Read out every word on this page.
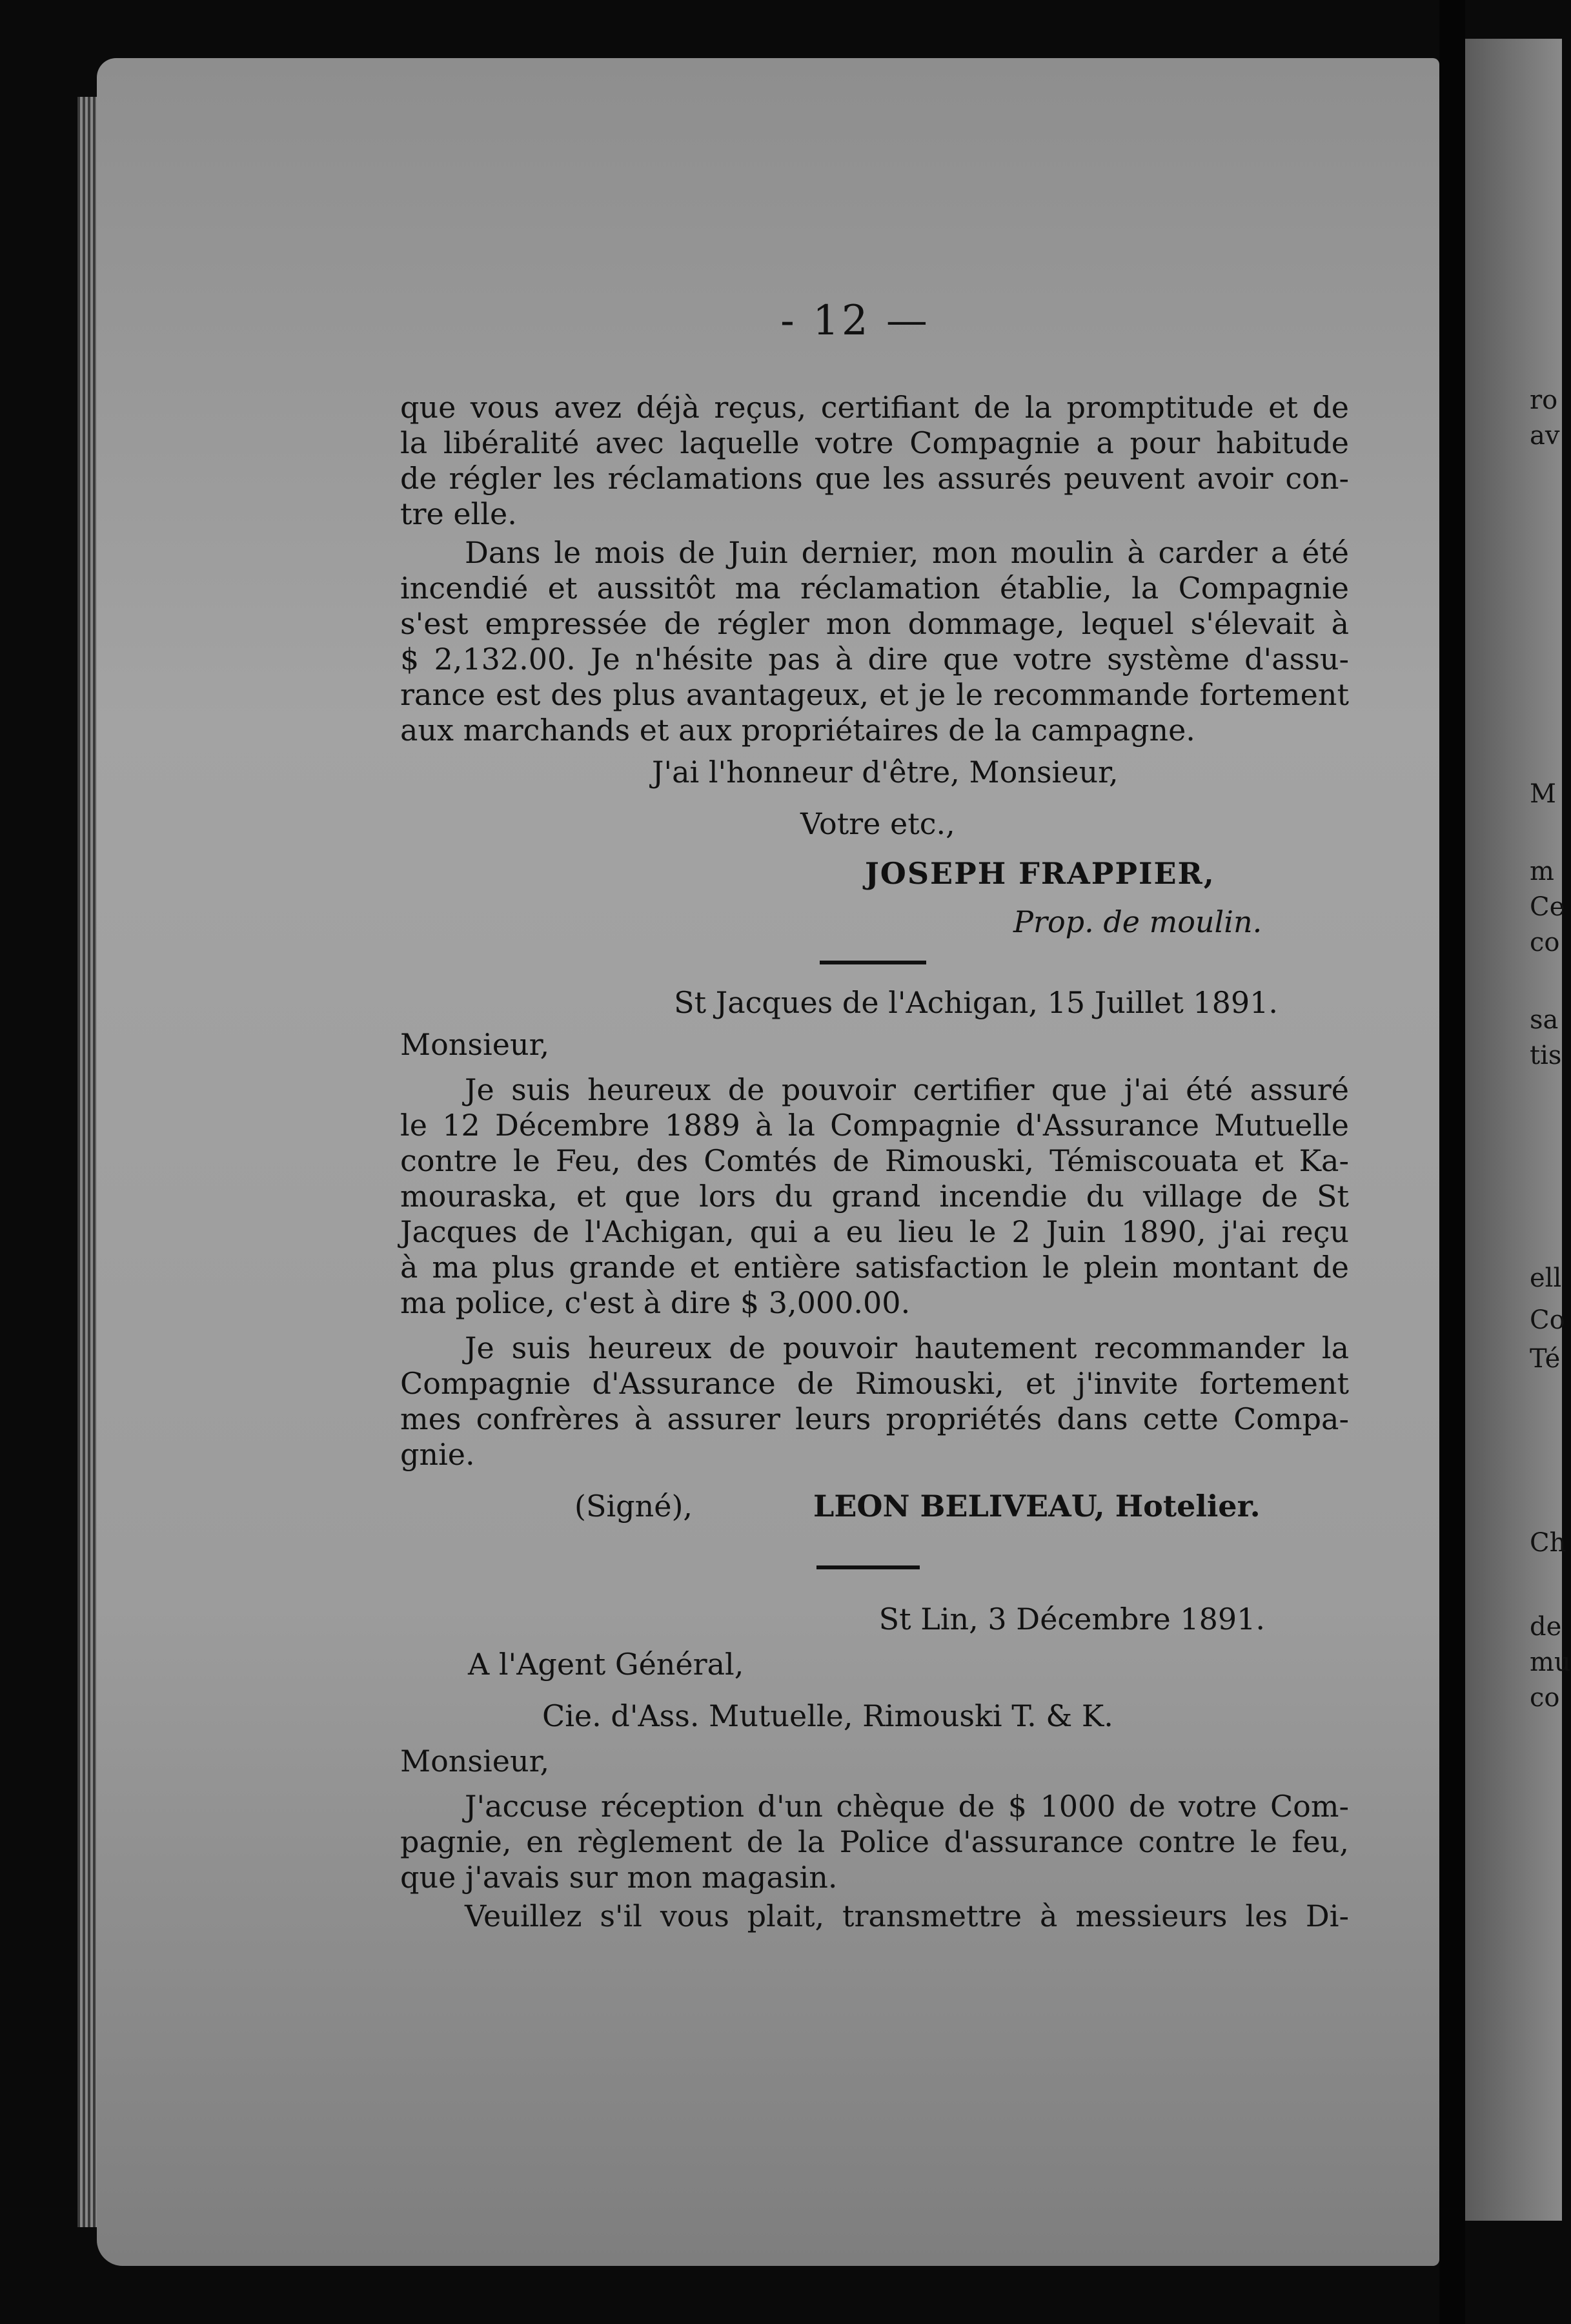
ro
av
M
m
Ce
co
sa
tis
ell
Co
Té
Ch
de
mu
co
- 12 —
que vous avez déjà reçus, certifiant de la promptitude et de
la libéralité avec laquelle votre Compagnie a pour habitude
de régler les réclamations que les assurés peuvent avoir con-
tre elle.
Dans le mois de Juin dernier, mon moulin à carder a été
incendié et aussitôt ma réclamation établie, la Compagnie
s'est empressée de régler mon dommage, lequel s'élevait à
$ 2,132.00. Je n'hésite pas à dire que votre système d'assu-
rance est des plus avantageux, et je le recommande fortement
aux marchands et aux propriétaires de la campagne.
J'ai l'honneur d'être, Monsieur,
Votre etc.,
JOSEPH FRAPPIER,
Prop. de moulin.
St Jacques de l'Achigan, 15 Juillet 1891.
Monsieur,
Je suis heureux de pouvoir certifier que j'ai été assuré
le 12 Décembre 1889 à la Compagnie d'Assurance Mutuelle
contre le Feu, des Comtés de Rimouski, Témiscouata et Ka-
mouraska, et que lors du grand incendie du village de St
Jacques de l'Achigan, qui a eu lieu le 2 Juin 1890, j'ai reçu
à ma plus grande et entière satisfaction le plein montant de
ma police, c'est à dire $ 3,000.00.
Je suis heureux de pouvoir hautement recommander la
Compagnie d'Assurance de Rimouski, et j'invite fortement
mes confrères à assurer leurs propriétés dans cette Compa-
gnie.
(Signé),	LEON BELIVEAU, Hotelier.
St Lin, 3 Décembre 1891.
A l'Agent Général,
Cie. d'Ass. Mutuelle, Rimouski T. & K.
Monsieur,
J'accuse réception d'un chèque de $ 1000 de votre Com-
pagnie, en règlement de la Police d'assurance contre le feu,
que j'avais sur mon magasin.
Veuillez s'il vous plait, transmettre à messieurs les Di-
